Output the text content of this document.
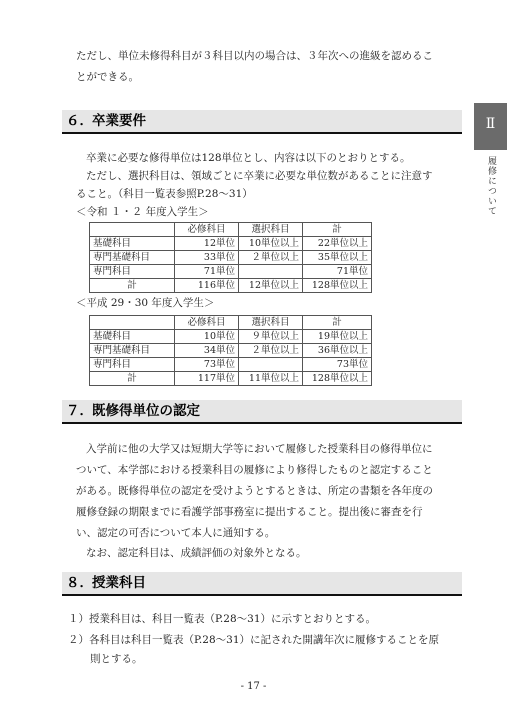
ただし、単位未修得科目が３科目以内の場合は、３年次への進級を認めるこ
とができる。
Ⅱ
履修について
６． 卒業要件
卒業に必要な修得単位は128単位とし、内容は以下のとおりとする。
ただし、選択科目は、領域ごとに卒業に必要な単位数があることに注意す
ること。（科目一覧表参照P.28～31）
＜令和 １・２ 年度入学生＞
	必修科目	選択科目	計
基礎科目	12単位	10単位以上	22単位以上
専門基礎科目	33単位	２単位以上	35単位以上
専門科目	71単位		71単位
計	116単位	12単位以上	128単位以上
＜平成 29・30 年度入学生＞
	必修科目	選択科目	計
基礎科目	10単位	９単位以上	19単位以上
専門基礎科目	34単位	２単位以上	36単位以上
専門科目	73単位		73単位
計	117単位	11単位以上	128単位以上
７． 既修得単位の認定
入学前に他の大学又は短期大学等において履修した授業科目の修得単位に
ついて、本学部における授業科目の履修により修得したものと認定すること
がある。既修得単位の認定を受けようとするときは、所定の書類を各年度の
履修登録の期限までに看護学部事務室に提出すること。提出後に審査を行
い、認定の可否について本人に通知する。
なお、認定科目は、成績評価の対象外となる。
８． 授業科目
１）授業科目は、科目一覧表（P.28～31）に示すとおりとする。
２）各科目は科目一覧表（P.28～31）に記された開講年次に履修することを原
則とする。
- 17 -
